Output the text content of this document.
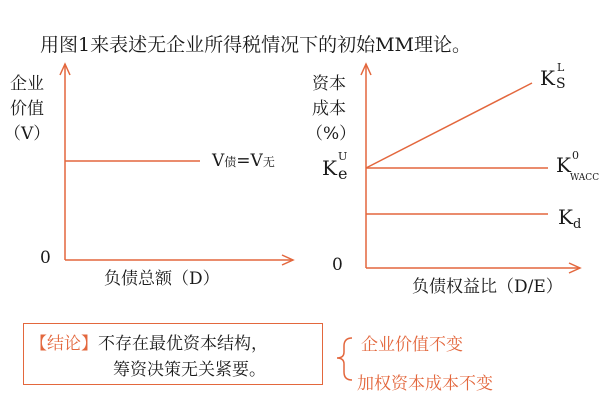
用图1来表述无企业所得税情况下的初始MM理论。
企业
价值
（V）
0
负债总额（D）
V债=V无
资本
成本
（%）
0
负债权益比（D/E）
K e
U
K S
L
K 0
WACC
K d
【结论】不存在最优资本结构，
筹资决策无关紧要。
企业价值不变
加权资本成本不变
